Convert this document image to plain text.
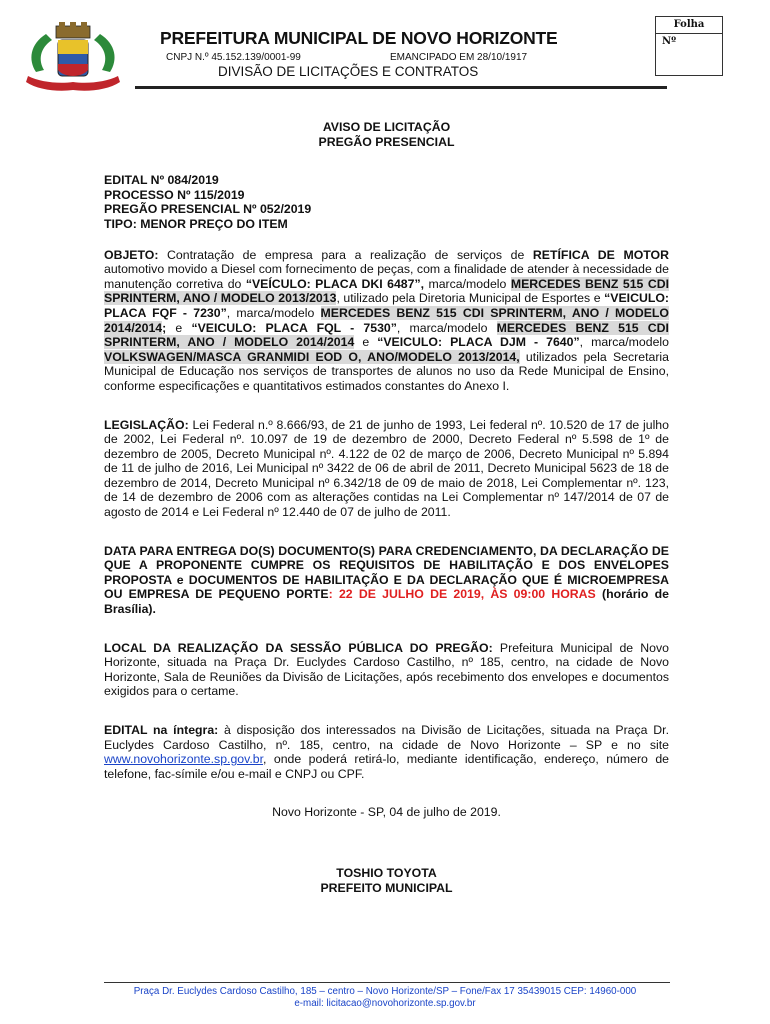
PREFEITURA MUNICIPAL DE NOVO HORIZONTE
CNPJ N.º 45.152.139/0001-99	EMANCIPADO EM 28/10/1917
DIVISÃO DE LICITAÇÕES E CONTRATOS
Folha
Nº

AVISO DE LICITAÇÃO

PREGÃO PRESENCIAL

EDITAL Nº 084/2019

PROCESSO Nº 115/2019

PREGÃO PRESENCIAL Nº 052/2019

TIPO: MENOR PREÇO DO ITEM

OBJETO: Contratação de empresa para a realização de serviços de RETÍFICA DE MOTOR automotivo movido a Diesel com fornecimento de peças, com a finalidade de atender à necessidade de manutenção corretiva do “VEÍCULO: PLACA DKI 6487”, marca/modelo MERCEDES BENZ 515 CDI SPRINTERM, ANO / MODELO 2013/2013, utilizado pela Diretoria Municipal de Esportes e “VEICULO: PLACA FQF - 7230”, marca/modelo MERCEDES BENZ 515 CDI SPRINTERM, ANO / MODELO 2014/2014; e “VEICULO: PLACA FQL - 7530”, marca/modelo MERCEDES BENZ 515 CDI SPRINTERM, ANO / MODELO 2014/2014 e “VEICULO: PLACA DJM - 7640”, marca/modelo VOLKSWAGEN/MASCA GRANMIDI EOD O, ANO/MODELO 2013/2014, utilizados pela Secretaria Municipal de Educação nos serviços de transportes de alunos no uso da Rede Municipal de Ensino, conforme especificações e quantitativos estimados constantes do Anexo I.

LEGISLAÇÃO: Lei Federal n.º 8.666/93, de 21 de junho de 1993, Lei federal nº. 10.520 de 17 de julho de 2002, Lei Federal nº. 10.097 de 19 de dezembro de 2000, Decreto Federal nº 5.598 de 1º de dezembro de 2005, Decreto Municipal nº. 4.122 de 02 de março de 2006, Decreto Municipal nº 5.894 de 11 de julho de 2016, Lei Municipal nº 3422 de 06 de abril de 2011, Decreto Municipal 5623 de 18 de dezembro de 2014, Decreto Municipal nº 6.342/18 de 09 de maio de 2018, Lei Complementar nº. 123, de 14 de dezembro de 2006 com as alterações contidas na Lei Complementar nº 147/2014 de 07 de agosto de 2014 e Lei Federal nº 12.440 de 07 de julho de 2011.

DATA PARA ENTREGA DO(S) DOCUMENTO(S) PARA CREDENCIAMENTO, DA DECLARAÇÃO DE QUE A PROPONENTE CUMPRE OS REQUISITOS DE HABILITAÇÃO E DOS ENVELOPES PROPOSTA e DOCUMENTOS DE HABILITAÇÃO E DA DECLARAÇÃO QUE É MICROEMPRESA OU EMPRESA DE PEQUENO PORTE: 22 DE JULHO DE 2019, ÀS 09:00 HORAS (horário de Brasília).

LOCAL DA REALIZAÇÃO DA SESSÃO PÚBLICA DO PREGÃO: Prefeitura Municipal de Novo Horizonte, situada na Praça Dr. Euclydes Cardoso Castilho, nº 185, centro, na cidade de Novo Horizonte, Sala de Reuniões da Divisão de Licitações, após recebimento dos envelopes e documentos exigidos para o certame.

EDITAL na íntegra: à disposição dos interessados na Divisão de Licitações, situada na Praça Dr. Euclydes Cardoso Castilho, nº. 185, centro, na cidade de Novo Horizonte – SP e no site www.novohorizonte.sp.gov.br, onde poderá retirá-lo, mediante identificação, endereço, número de telefone, fac-símile e/ou e-mail e CNPJ ou CPF.

Novo Horizonte - SP, 04 de julho de 2019.

TOSHIO TOYOTA

PREFEITO MUNICIPAL

Praça Dr. Euclydes Cardoso Castilho, 185 – centro – Novo Horizonte/SP – Fone/Fax 17 35439015 CEP: 14960-000
e-mail: licitacao@novohorizonte.sp.gov.br
